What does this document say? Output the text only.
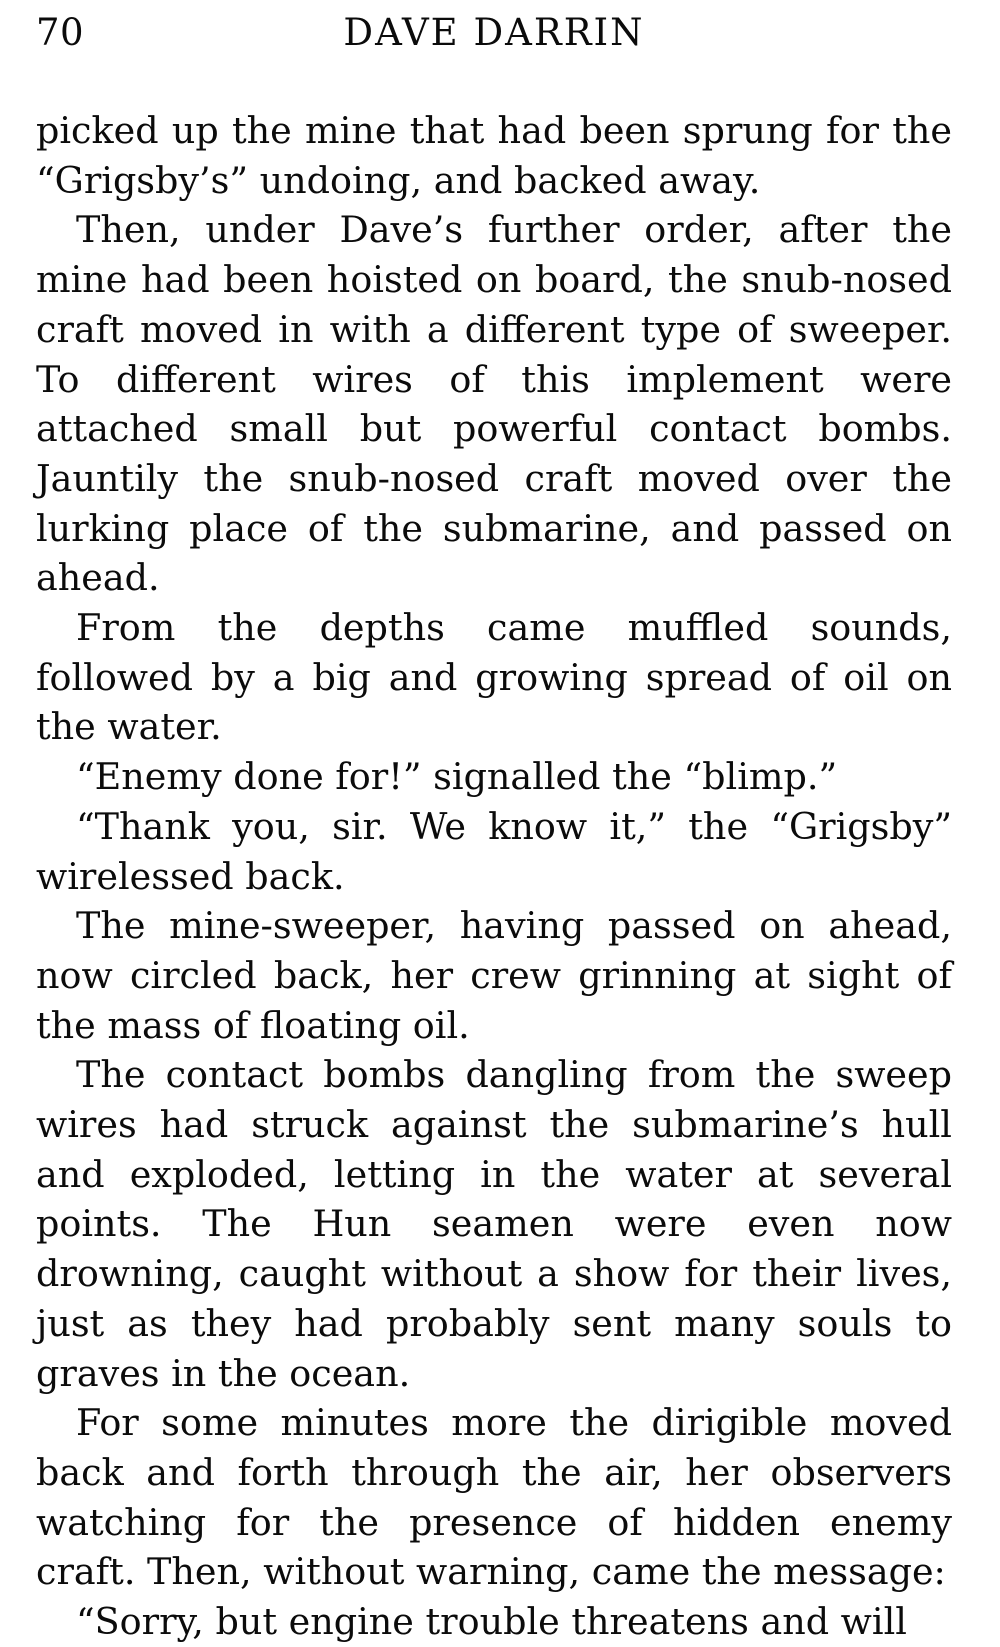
70	DAVE DARRIN

picked up the mine that had been sprung for the “Grigsby’s” undoing, and backed away.

Then, under Dave’s further order, after the mine had been hoisted on board, the snub-nosed craft moved in with a different type of sweeper. To different wires of this implement were attached small but powerful contact bombs. Jauntily the snub-nosed craft moved over the lurking place of the submarine, and passed on ahead.

From the depths came muffled sounds, followed by a big and growing spread of oil on the water.

“Enemy done for!” signalled the “blimp.”

“Thank you, sir. We know it,” the “Grigsby” wirelessed back.

The mine-sweeper, having passed on ahead, now circled back, her crew grinning at sight of the mass of floating oil.

The contact bombs dangling from the sweep wires had struck against the submarine’s hull and exploded, letting in the water at several points. The Hun seamen were even now drowning, caught without a show for their lives, just as they had probably sent many souls to graves in the ocean.

For some minutes more the dirigible moved back and forth through the air, her observers watching for the presence of hidden enemy craft. Then, without warning, came the message:

“Sorry, but engine trouble threatens and will
